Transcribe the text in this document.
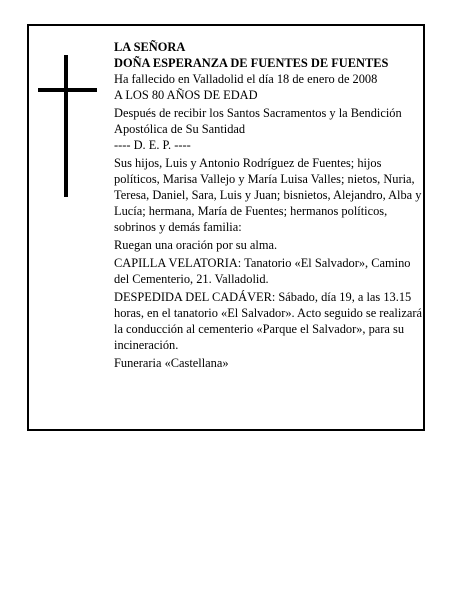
LA SEÑORA

DOÑA ESPERANZA DE FUENTES DE FUENTES

Ha fallecido en Valladolid el día 18 de enero de 2008

A LOS 80 AÑOS DE EDAD

Después de recibir los Santos Sacramentos y la Bendición Apostólica de Su Santidad

---- D. E. P. ----

Sus hijos, Luis y Antonio Rodríguez de Fuentes; hijos políticos, Marisa Vallejo y María Luisa Valles; nietos, Nuria, Teresa, Daniel, Sara, Luis y Juan; bisnietos, Alejandro, Alba y Lucía; hermana, María de Fuentes; hermanos políticos, sobrinos y demás familia:

Ruegan una oración por su alma.

CAPILLA VELATORIA: Tanatorio «El Salvador», Camino del Cementerio, 21. Valladolid.

DESPEDIDA DEL CADÁVER: Sábado, día 19, a las 13.15 horas, en el tanatorio «El Salvador». Acto seguido se realizará la conducción al cementerio «Parque el Salvador», para su incineración.

Funeraria «Castellana»
